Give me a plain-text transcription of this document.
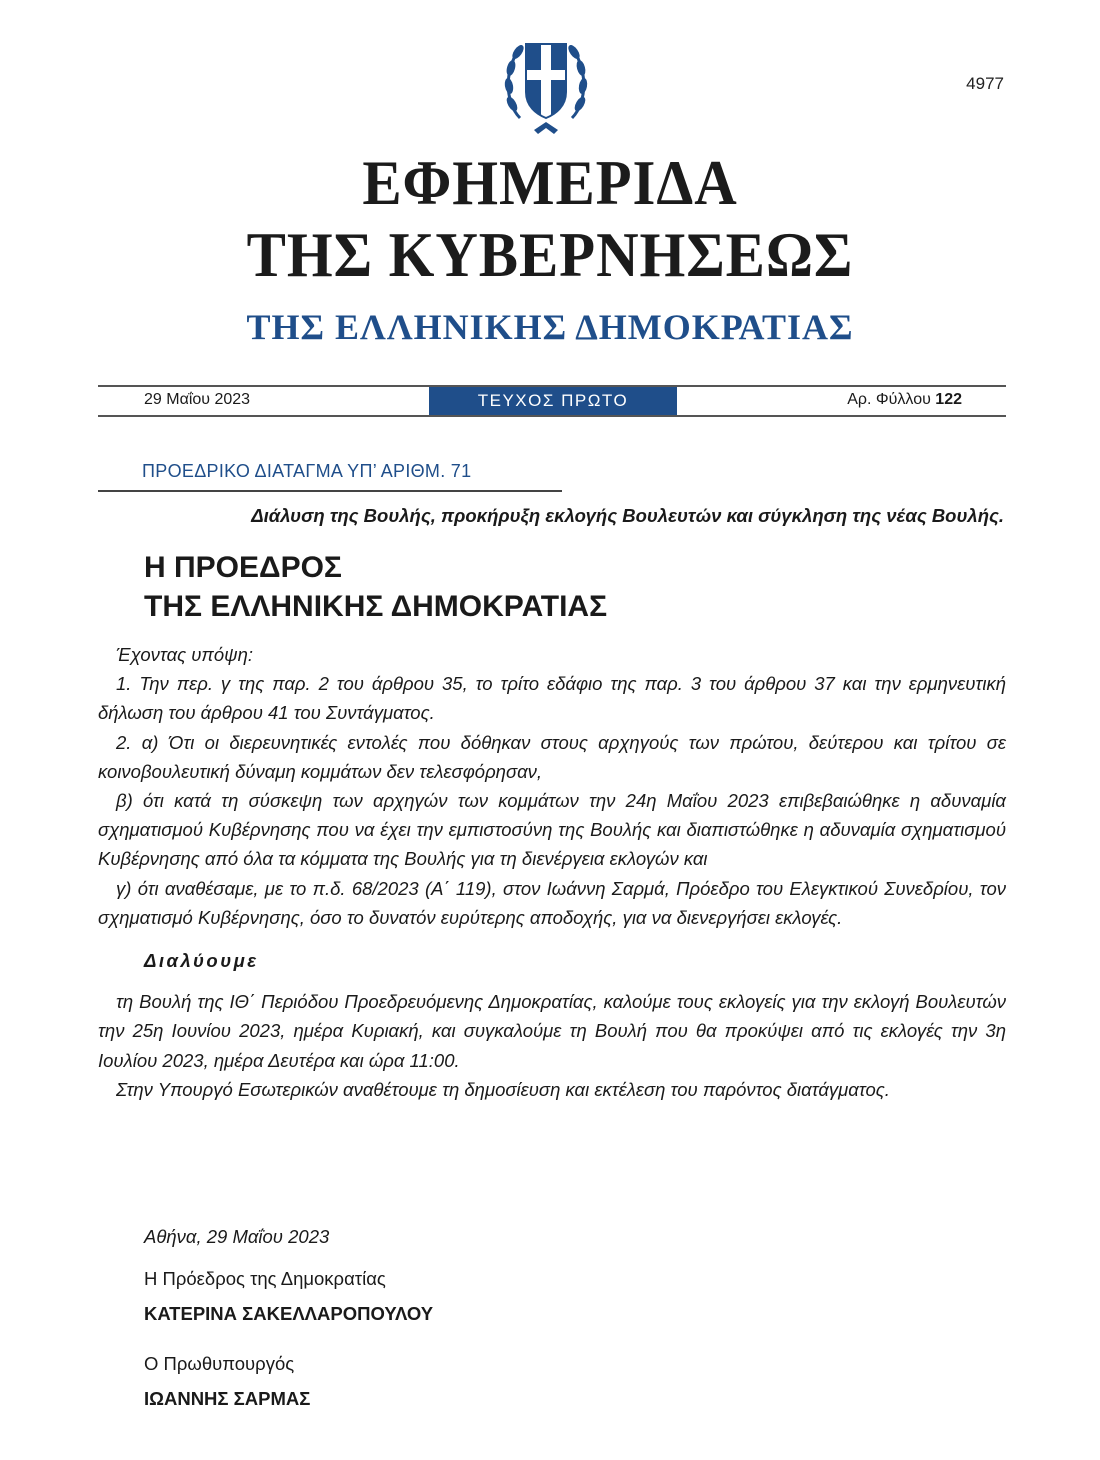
4977
ΕΦΗΜΕΡΙΔΑ
ΤΗΣ ΚΥΒΕΡΝΗΣΕΩΣ
ΤΗΣ ΕΛΛΗΝΙΚΗΣ ΔΗΜΟΚΡΑΤΙΑΣ
29 Μαΐου 2023	ΤΕΥΧΟΣ ΠΡΩΤΟ	Αρ. Φύλλου 122
ΠΡΟΕΔΡΙΚΟ ΔΙΑΤΑΓΜΑ ΥΠ’ ΑΡΙΘΜ. 71
Διάλυση της Βουλής, προκήρυξη εκλογής Βουλευτών και σύγκληση της νέας Βουλής.
Η ΠΡΟΕΔΡΟΣ
ΤΗΣ ΕΛΛΗΝΙΚΗΣ ΔΗΜΟΚΡΑΤΙΑΣ

Έχοντας υπόψη:

1. Την περ. γ της παρ. 2 του άρθρου 35, το τρίτο εδάφιο της παρ. 3 του άρθρου 37 και την ερμηνευτική δήλωση του άρθρου 41 του Συντάγματος.

2. α) Ότι οι διερευνητικές εντολές που δόθηκαν στους αρχηγούς των πρώτου, δεύτερου και τρίτου σε κοινοβουλευτική δύναμη κομμάτων δεν τελεσφόρησαν,

β) ότι κατά τη σύσκεψη των αρχηγών των κομμάτων την 24η Μαΐου 2023 επιβεβαιώθηκε η αδυναμία σχηματισμού Κυβέρνησης που να έχει την εμπιστοσύνη της Βουλής και διαπιστώθηκε η αδυναμία σχηματισμού Κυβέρνησης από όλα τα κόμματα της Βουλής για τη διενέργεια εκλογών και

γ) ότι αναθέσαμε, με το π.δ. 68/2023 (Α΄ 119), στον Ιωάννη Σαρμά, Πρόεδρο του Ελεγκτικού Συνεδρίου, τον σχηματισμό Κυβέρνησης, όσο το δυνατόν ευρύτερης αποδοχής, για να διενεργήσει εκλογές.

Διαλύουμε

τη Βουλή της ΙΘ΄ Περιόδου Προεδρευόμενης Δημοκρατίας, καλούμε τους εκλογείς για την εκλογή Βουλευτών την 25η Ιουνίου 2023, ημέρα Κυριακή, και συγκαλούμε τη Βουλή που θα προκύψει από τις εκλογές την 3η Ιουλίου 2023, ημέρα Δευτέρα και ώρα 11:00.

Στην Υπουργό Εσωτερικών αναθέτουμε τη δημοσίευση και εκτέλεση του παρόντος διατάγματος.

Αθήνα, 29 Μαΐου 2023
Η Πρόεδρος της Δημοκρατίας
ΚΑΤΕΡΙΝΑ ΣΑΚΕΛΛΑΡΟΠΟΥΛΟΥ
Ο Πρωθυπουργός
ΙΩΑΝΝΗΣ ΣΑΡΜΑΣ
